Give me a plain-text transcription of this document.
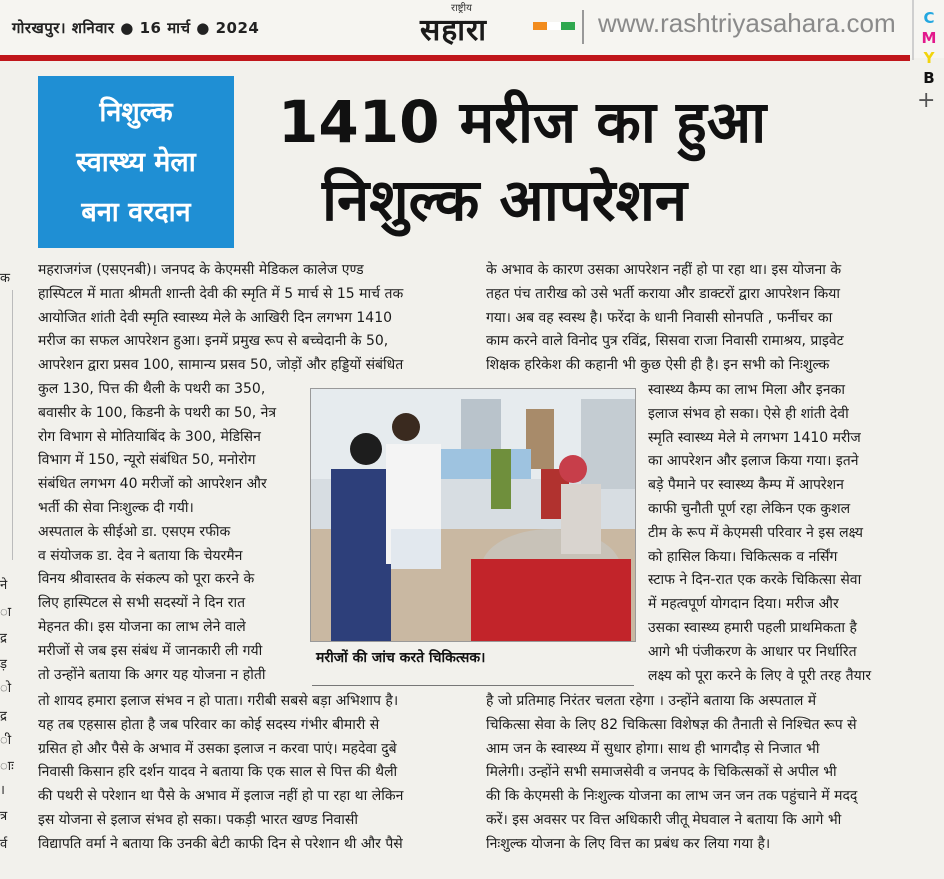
गोरखपुर। शनिवार ● 16 मार्च ● 2024
राष्ट्रीय
सहारा	www.rashtriyasahara.com	C
M
Y
B
+
क
ने
ा
द्र
ड़
ो
द्र
ी
ाः
।
त्र
र्व
निशुल्क
स्वास्थ्य मेला
बना वरदान
1410 मरीज का हुआ
निशुल्क आपरेशन
महराजगंज (एसएनबी)। जनपद के केएमसी मेडिकल कालेज एण्ड
हास्पिटल में माता श्रीमती शान्ती देवी की स्मृति में 5 मार्च से 15 मार्च तक
आयोजित शांती देवी स्मृति स्वास्थ्य मेले के आखिरी दिन लगभग 1410
मरीज का सफल आपरेशन हुआ। इनमें प्रमुख रूप से बच्चेदानी के 50,
आपरेशन द्वारा प्रसव 100, सामान्य प्रसव 50, जोड़ों और हड्डियों संबंधित
कुल 130, पित्त की थैली के पथरी का 350,
बवासीर के 100, किडनी के पथरी का 50, नेत्र
रोग विभाग से मोतियाबिंद के 300, मेडिसिन
विभाग में 150, न्यूरो संबंधित 50, मनोरोग
संबंधित लगभग 40 मरीजों को आपरेशन और
भर्ती की सेवा निःशुल्क दी गयी।
अस्पताल के सीईओ डा. एसएम रफीक
व संयोजक डा. देव ने बताया कि चेयरमैन
विनय श्रीवास्तव के संकल्प को पूरा करने के
लिए हास्पिटल से सभी सदस्यों ने दिन रात
मेहनत की। इस योजना का लाभ लेने वाले
मरीजों से जब इस संबंध में जानकारी ली गयी
तो उन्होंने बताया कि अगर यह योजना न होती
के अभाव के कारण उसका आपरेशन नहीं हो पा रहा था। इस योजना के
तहत पंच तारीख को उसे भर्ती कराया और डाक्टरों द्वारा आपरेशन किया
गया। अब वह स्वस्थ है। फरेंदा के धानी निवासी सोनपति , फर्नीचर का
काम करने वाले विनोद पुत्र रविंद्र, सिसवा राजा निवासी रामाश्रय, प्राइवेट
शिक्षक हरिकेश की कहानी भी कुछ ऐसी ही है। इन सभी को निःशुल्क
स्वास्थ्य कैम्प का लाभ मिला और इनका
इलाज संभव हो सका। ऐसे ही शांती देवी
स्मृति स्वास्थ्य मेले मे लगभग 1410 मरीज
का आपरेशन और इलाज किया गया। इतने
बड़े पैमाने पर स्वास्थ्य कैम्प में आपरेशन
काफी चुनौती पूर्ण रहा लेकिन एक कुशल
टीम के रूप में केएमसी परिवार ने इस लक्ष्य
को हासिल किया। चिकित्सक व नर्सिंग
स्टाफ ने दिन-रात एक करके चिकित्सा सेवा
में महत्वपूर्ण योगदान दिया। मरीज और
उसका स्वास्थ्य हमारी पहली प्राथमिकता है
आगे भी पंजीकरण के आधार पर निर्धारित
लक्ष्य को पूरा करने के लिए वे पूरी तरह तैयार
तो शायद हमारा इलाज संभव न हो पाता। गरीबी सबसे बड़ा अभिशाप है।
यह तब एहसास होता है जब परिवार का कोई सदस्य गंभीर बीमारी से
ग्रसित हो और पैसे के अभाव में उसका इलाज न करवा पाएं। महदेवा दुबे
निवासी किसान हरि दर्शन यादव ने बताया कि एक साल से पित्त की थैली
की पथरी से परेशान था पैसे के अभाव में इलाज नहीं हो पा रहा था लेकिन
इस योजना से इलाज संभव हो सका। पकड़ी भारत खण्ड निवासी
विद्यापति वर्मा ने बताया कि उनकी बेटी काफी दिन से परेशान थी और पैसे
है जो प्रतिमाह निरंतर चलता रहेगा । उन्होंने बताया कि अस्पताल में
चिकित्सा सेवा के लिए 82 चिकित्सा विशेषज्ञ की तैनाती से निश्चित रूप से
आम जन के स्वास्थ्य में सुधार होगा। साथ ही भागदौड़ से निजात भी
मिलेगी। उन्होंने सभी समाजसेवी व जनपद के चिकित्सकों से अपील भी
की कि केएमसी के निःशुल्क योजना का लाभ जन जन तक पहुंचाने में मदद्
करें। इस अवसर पर वित्त अधिकारी जीतू मेघवाल ने बताया कि आगे भी
निःशुल्क योजना के लिए वित्त का प्रबंध कर लिया गया है।
मरीजों की जांच करते चिकित्सक।
